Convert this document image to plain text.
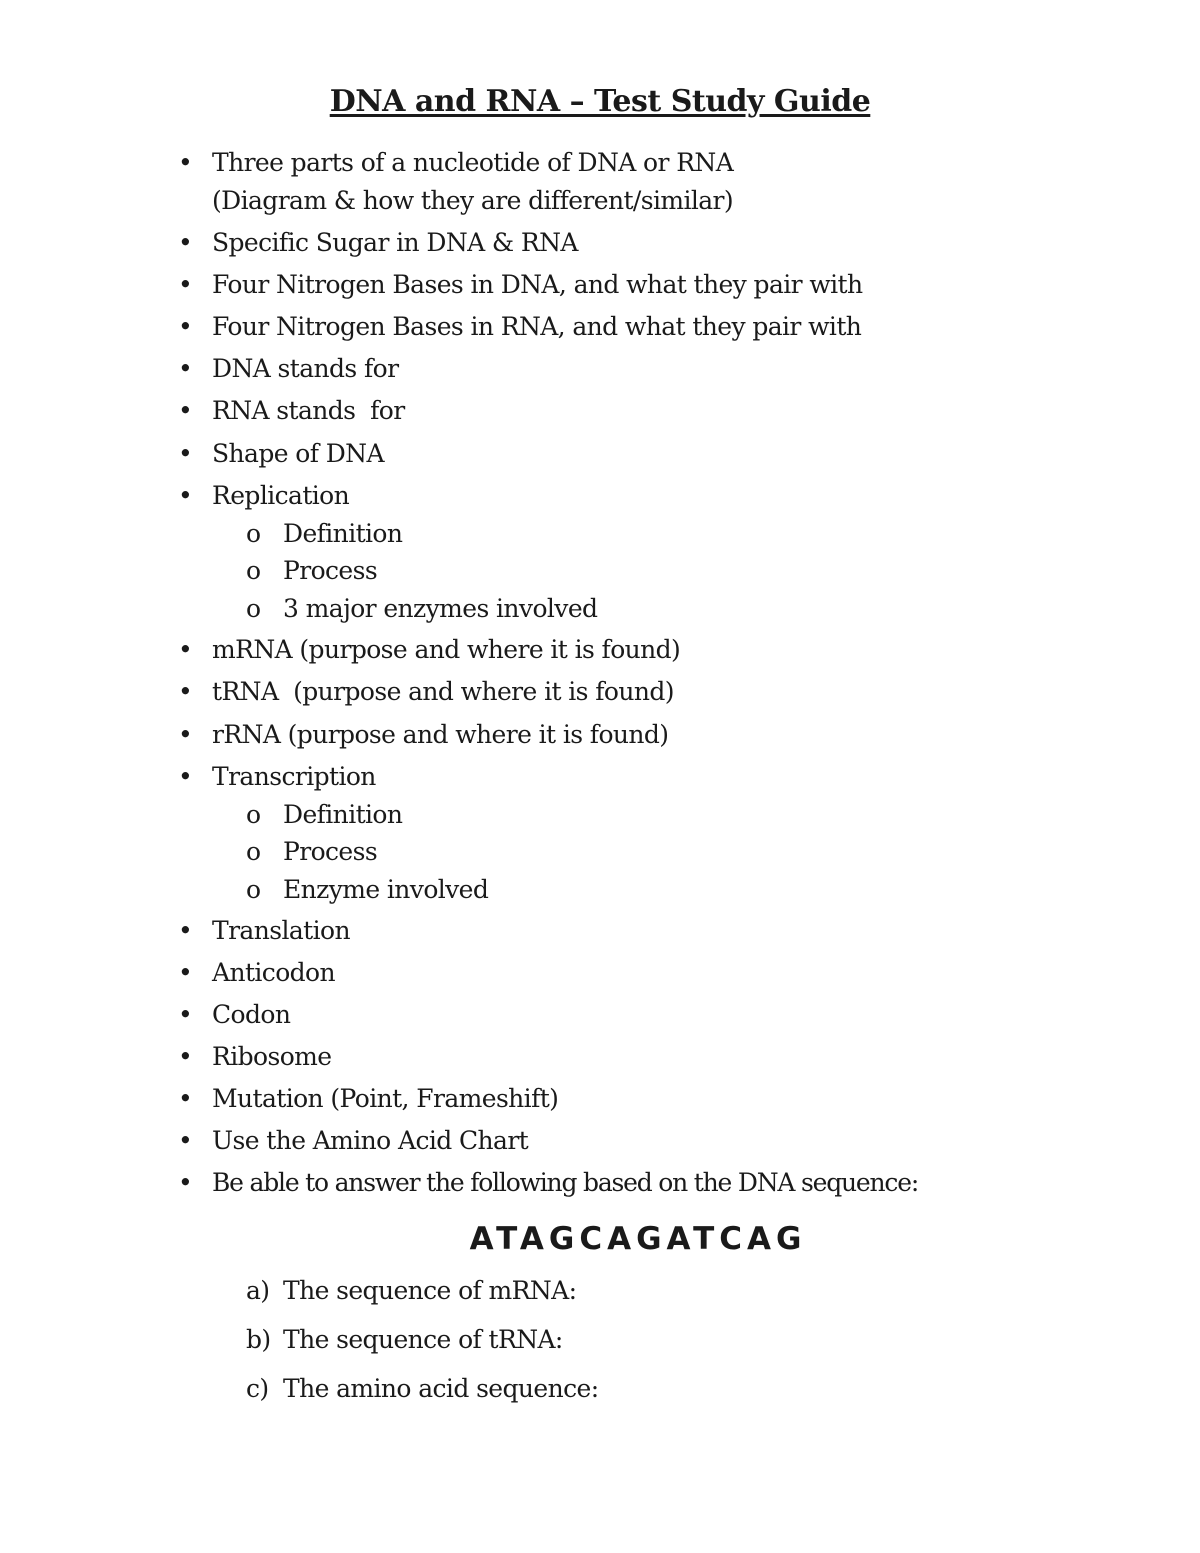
DNA and RNA – Test Study Guide
• Three parts of a nucleotide of DNA or RNA
(Diagram & how they are different/similar)
• Specific Sugar in DNA & RNA
• Four Nitrogen Bases in DNA, and what they pair with
• Four Nitrogen Bases in RNA, and what they pair with
• DNA stands for
• RNA stands  for
• Shape of DNA
• Replication
o Definition
o Process
o 3 major enzymes involved
• mRNA (purpose and where it is found)
• tRNA  (purpose and where it is found)
• rRNA (purpose and where it is found)
• Transcription
o Definition
o Process
o Enzyme involved
• Translation
• Anticodon
• Codon
• Ribosome
• Mutation (Point, Frameshift)
• Use the Amino Acid Chart
• Be able to answer the following based on the DNA sequence:
ATAGCAGATCAG
a) The sequence of mRNA:
b) The sequence of tRNA:
c) The amino acid sequence:
